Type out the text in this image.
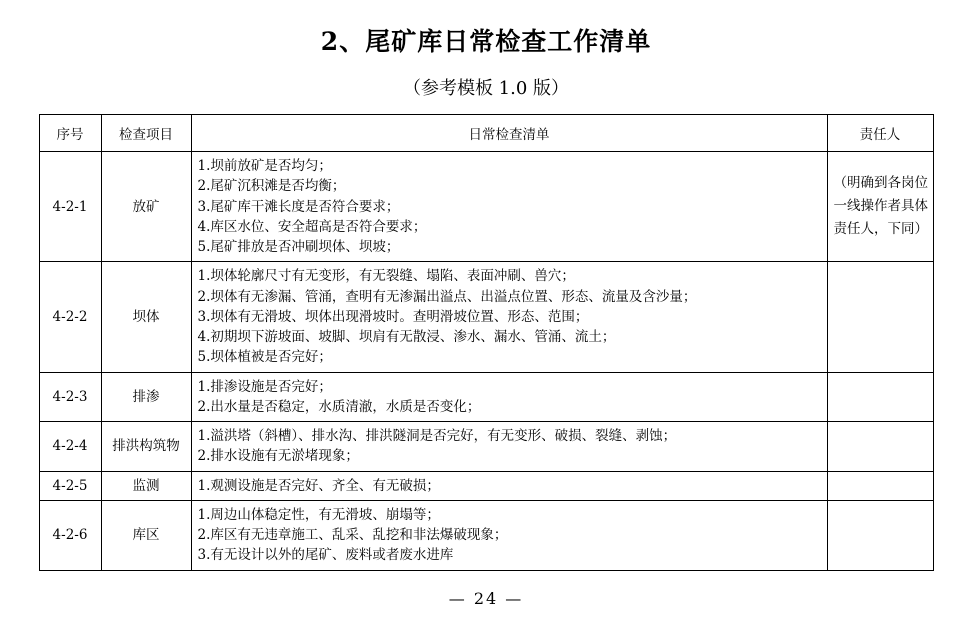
2、尾矿库日常检查工作清单
（参考模板 1.0 版）
序号	检查项目	日常检查清单	责任人
4-2-1	放矿	1.坝前放矿是否均匀；
2.尾矿沉积滩是否均衡；
3.尾矿库干滩长度是否符合要求；
4.库区水位、安全超高是否符合要求；
5.尾矿排放是否冲刷坝体、坝坡；	（明确到各岗位
一线操作者具体
责任人，下同）

4-2-2	坝体	1.坝体轮廓尺寸有无变形，有无裂缝、塌陷、表面冲刷、兽穴；
2.坝体有无渗漏、管涌，查明有无渗漏出溢点、出溢点位置、形态、流量及含沙量；
3.坝体有无滑坡、坝体出现滑坡时。查明滑坡位置、形态、范围；
4.初期坝下游坡面、坡脚、坝肩有无散浸、渗水、漏水、管涌、流土；
5.坝体植被是否完好；	

4-2-3	排渗	1.排渗设施是否完好；
2.出水量是否稳定，水质清澈，水质是否变化；	

4-2-4	排洪构筑物	1.溢洪塔（斜槽）、排水沟、排洪隧洞是否完好，有无变形、破损、裂缝、剥蚀；
2.排水设施有无淤堵现象；	

4-2-5	监测	1.观测设施是否完好、齐全、有无破损；	

4-2-6	库区	1.周边山体稳定性，有无滑坡、崩塌等；
2.库区有无违章施工、乱采、乱挖和非法爆破现象；
3.有无设计以外的尾矿、废料或者废水进库	

— 24 —
